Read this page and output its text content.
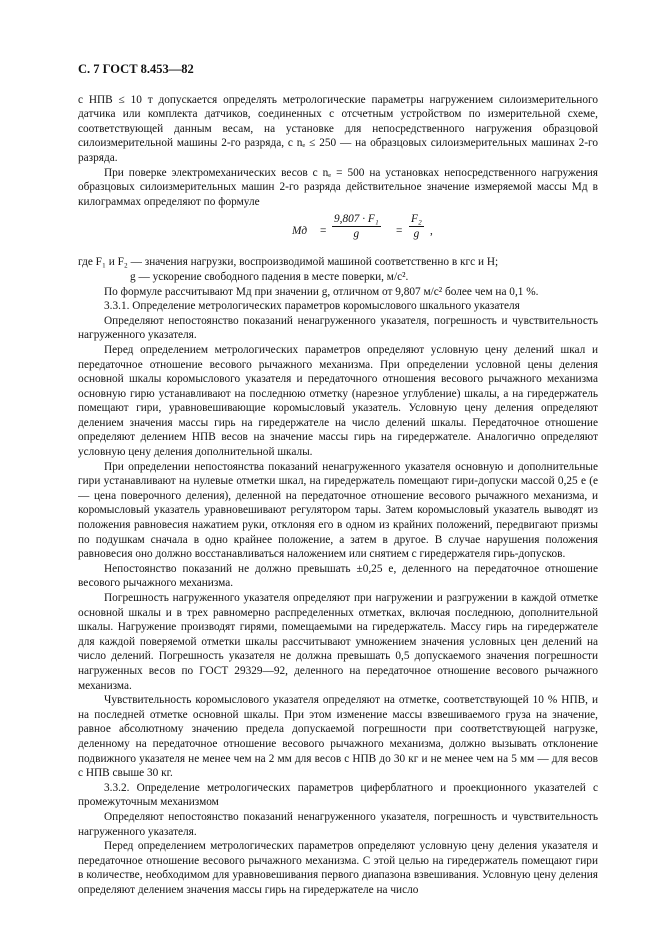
С. 7 ГОСТ 8.453—82

с НПВ ≤ 10 т допускается определять метрологические параметры нагружением силоизмерительного датчика или комплекта датчиков, соединенных с отсчетным устройством по измерительной схеме, соответствующей данным весам, на установке для непосредственного нагружения образцовой силоизмерительной машины 2-го разряда, с nₑ ≤ 250 — на образцовых силоизмерительных машинах 2-го разряда.

При поверке электромеханических весов с nₑ = 500 на установках непосредственного нагружения образцовых силоизмерительных машин 2-го разряда действительное значение измеряемой массы Mд в килограммах определяют по формуле

Mд = $\frac{\text{9,807 · F₁}}{g} = \frac{\text{F₂}}{g}$ ,

где F₁ и F₂ — значения нагрузки, воспроизводимой машиной соответственно в кгс и Н;

g — ускорение свободного падения в месте поверки, м/с².

По формуле рассчитывают Mд при значении g, отличном от 9,807 м/с² более чем на 0,1 %.

3.3.1. Определение метрологических параметров коромыслового шкального указателя

Определяют непостоянство показаний ненагруженного указателя, погрешность и чувствительность нагруженного указателя.

Перед определением метрологических параметров определяют условную цену делений шкал и передаточное отношение весового рычажного механизма. При определении условной цены деления основной шкалы коромыслового указателя и передаточного отношения весового рычажного механизма основную гирю устанавливают на последнюю отметку (нарезное углубление) шкалы, а на гиредержатель помещают гири, уравновешивающие коромысловый указатель. Условную цену деления определяют делением значения массы гирь на гиредержателе на число делений шкалы. Передаточное отношение определяют делением НПВ весов на значение массы гирь на гиредержателе. Аналогично определяют условную цену деления дополнительной шкалы.

При определении непостоянства показаний ненагруженного указателя основную и дополнительные гири устанавливают на нулевые отметки шкал, на гиредержатель помещают гири-допуски массой 0,25 e (e — цена поверочного деления), деленной на передаточное отношение весового рычажного механизма, и коромысловый указатель уравновешивают регулятором тары. Затем коромысловый указатель выводят из положения равновесия нажатием руки, отклоняя его в одном из крайних положений, передвигают призмы по подушкам сначала в одно крайнее положение, а затем в другое. В случае нарушения положения равновесия оно должно восстанавливаться наложением или снятием с гиредержателя гирь-допусков.

Непостоянство показаний не должно превышать ±0,25 e, деленного на передаточное отношение весового рычажного механизма.

Погрешность нагруженного указателя определяют при нагружении и разгружении в каждой отметке основной шкалы и в трех равномерно распределенных отметках, включая последнюю, дополнительной шкалы. Нагружение производят гирями, помещаемыми на гиредержатель. Массу гирь на гиредержателе для каждой поверяемой отметки шкалы рассчитывают умножением значения условных цен делений на число делений. Погрешность указателя не должна превышать 0,5 допускаемого значения погрешности нагруженных весов по ГОСТ 29329—92, деленного на передаточное отношение весового рычажного механизма.

Чувствительность коромыслового указателя определяют на отметке, соответствующей 10 % НПВ, и на последней отметке основной шкалы. При этом изменение массы взвешиваемого груза на значение, равное абсолютному значению предела допускаемой погрешности при соответствующей нагрузке, деленному на передаточное отношение весового рычажного механизма, должно вызывать отклонение подвижного указателя не менее чем на 2 мм для весов с НПВ до 30 кг и не менее чем на 5 мм — для весов с НПВ свыше 30 кг.

3.3.2. Определение метрологических параметров циферблатного и проекционного указателей с промежуточным механизмом

Определяют непостоянство показаний ненагруженного указателя, погрешность и чувствительность нагруженного указателя.

Перед определением метрологических параметров определяют условную цену деления указателя и передаточное отношение весового рычажного механизма. С этой целью на гиредержатель помещают гири в количестве, необходимом для уравновешивания первого диапазона взвешивания. Условную цену деления определяют делением значения массы гирь на гиредержателе на число
